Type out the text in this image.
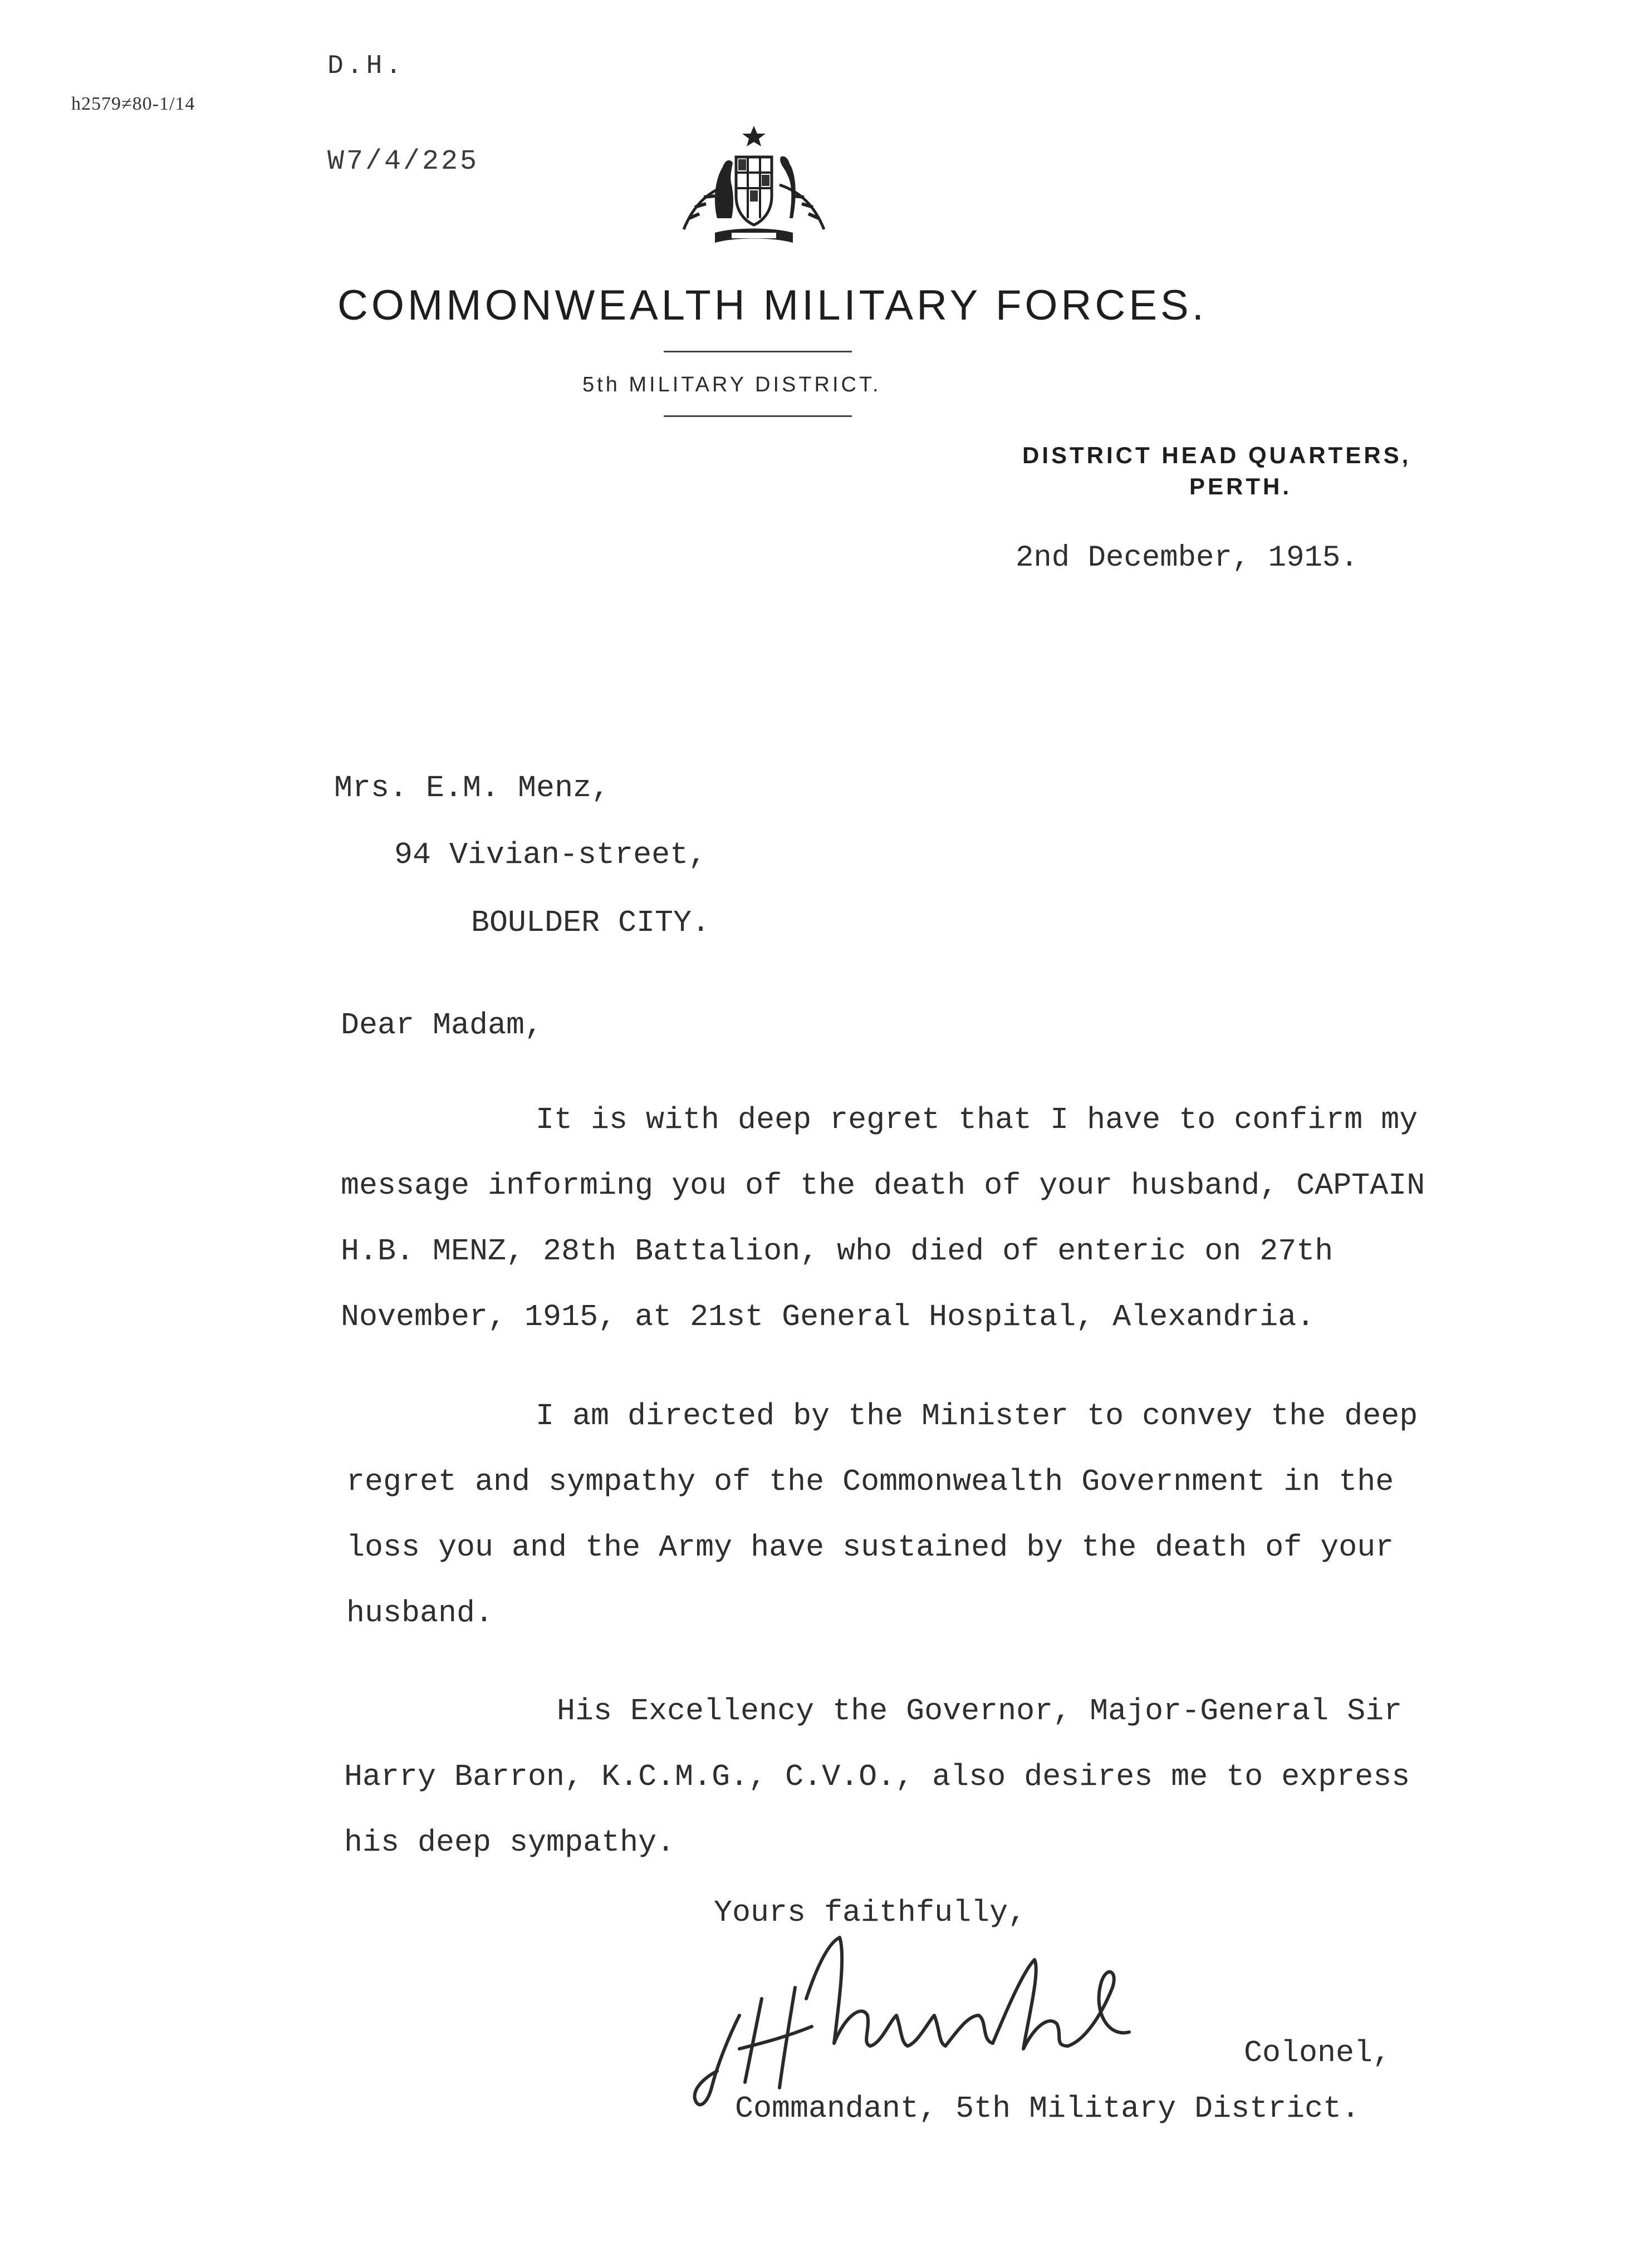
h2579≠80-1/14
D.H.
W7/4/225
COMMONWEALTH MILITARY FORCES.
5th MILITARY DISTRICT.
DISTRICT HEAD QUARTERS,
PERTH.
2nd December, 1915.
Mrs. E.M. Menz,
94 Vivian-street,
BOULDER CITY.
Dear Madam,
It is with deep regret that I have to confirm my
message informing you of the death of your husband, CAPTAIN
H.B. MENZ, 28th Battalion, who died of enteric on 27th
November, 1915, at 21st General Hospital, Alexandria.
I am directed by the Minister to convey the deep
regret and sympathy of the Commonwealth Government in the
loss you and the Army have sustained by the death of your
husband.
His Excellency the Governor, Major-General Sir
Harry Barron, K.C.M.G., C.V.O., also desires me to express
his deep sympathy.
Yours faithfully,
Colonel,
Commandant, 5th Military District.
